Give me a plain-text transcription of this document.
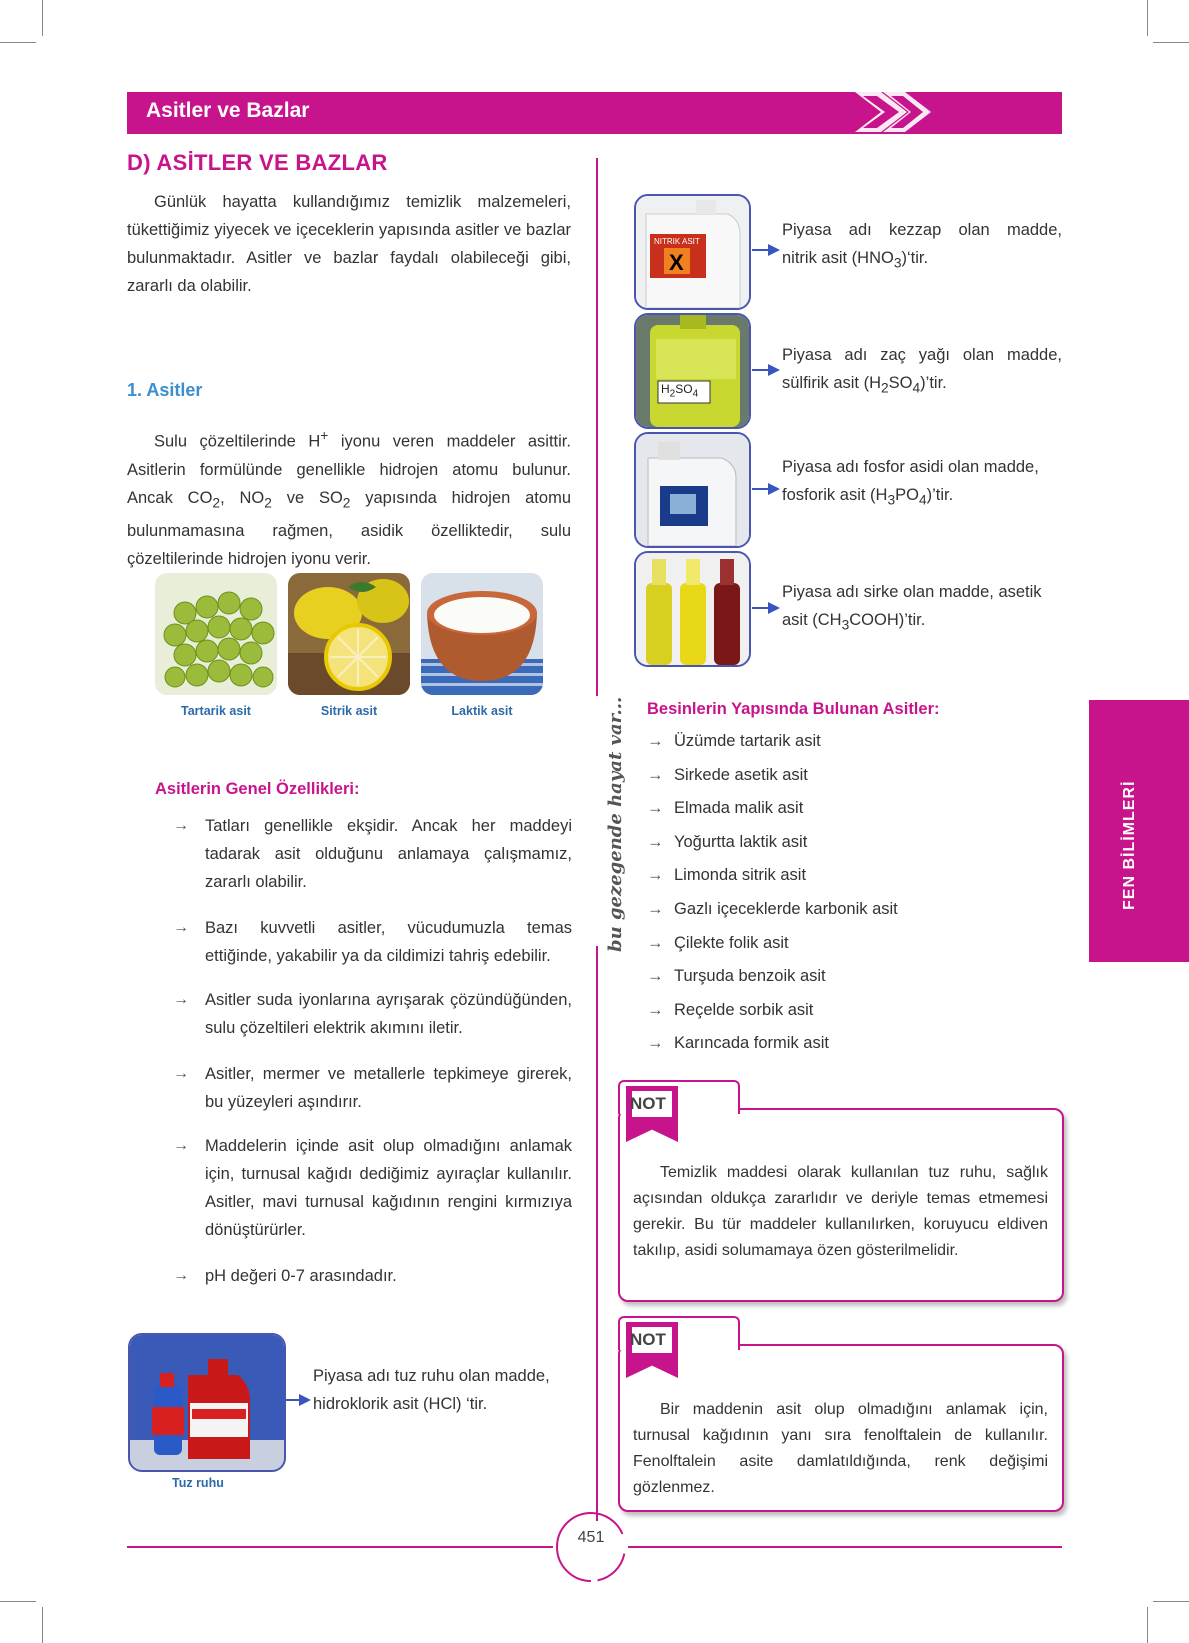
Asitler ve Bazlar
D) ASİTLER VE BAZLAR
Günlük hayatta kullandığımız temizlik malzemeleri, tükettiğimiz yiyecek ve içeceklerin yapısında asitler ve bazlar bulunmaktadır. Asitler ve bazlar faydalı olabileceği gibi, zararlı da olabilir.
1. Asitler
Sulu çözeltilerinde H+ iyonu veren maddeler asittir. Asitlerin formülünde genellikle hidrojen atomu bulunur. Ancak $CO_2$, $NO_2$ ve $SO_2$ yapısında hidrojen atomu bulunmamasına rağmen, asidik özelliktedir, sulu çözeltilerinde hidrojen iyonu verir.
Tartarik asit	Sitrik asit	Laktik asit
Asitlerin Genel Özellikleri:
→ Tatları genellikle ekşidir. Ancak her maddeyi tadarak asit olduğunu anlamaya çalışmamız, zararlı olabilir.
→ Bazı kuvvetli asitler, vücudumuzla temas ettiğinde, yakabilir ya da cildimizi tahriş edebilir.
→ Asitler suda iyonlarına ayrışarak çözündüğünden, sulu çözeltileri elektrik akımını iletir.
→ Asitler, mermer ve metallerle tepkimeye girerek, bu yüzeyleri aşındırır.
→ Maddelerin içinde asit olup olmadığını anlamak için, turnusal kağıdı dediğimiz ayıraçlar kullanılır. Asitler, mavi turnusal kağıdının rengini kırmızıya dönüştürürler.
→ pH değeri 0-7 arasındadır.
Tuz ruhu
Piyasa adı tuz ruhu olan madde,
hidroklorik asit (HCl) ‘tir.
bu gezegende hayat var...
NITRIK ASIT
X
$H_2SO_4$
Piyasa adı kezzap olan madde,
nitrik asit $(HNO_3)‘tir$.
Piyasa adı zaç yağı olan madde,
sülfirik asit $(H_2SO_4)’tir$.
Piyasa adı fosfor asidi olan madde,
fosforik asit $(H_3PO_4)’tir$.
Piyasa adı sirke olan madde, asetik
asit $(CH_3COOH)’tir$.
Besinlerin Yapısında Bulunan Asitler:
→ Üzümde tartarik asit
→ Sirkede asetik asit
→ Elmada malik asit
→ Yoğurtta laktik asit
→ Limonda sitrik asit
→ Gazlı içeceklerde karbonik asit
→ Çilekte folik asit
→ Turşuda benzoik asit
→ Reçelde sorbik asit
→ Karıncada formik asit
NOT
Temizlik maddesi olarak kullanılan tuz ruhu, sağlık açısından oldukça zararlıdır ve deriyle temas etmemesi gerekir. Bu tür maddeler kullanılırken, koruyucu eldiven takılıp, asidi solumamaya özen gösterilmelidir.
NOT
Bir maddenin asit olup olmadığını anlamak için, turnusal kağıdının yanı sıra fenolftalein de kullanılır. Fenolftalein asite damlatıldığında, renk değişimi gözlenmez.
FEN BİLİMLERİ
451
